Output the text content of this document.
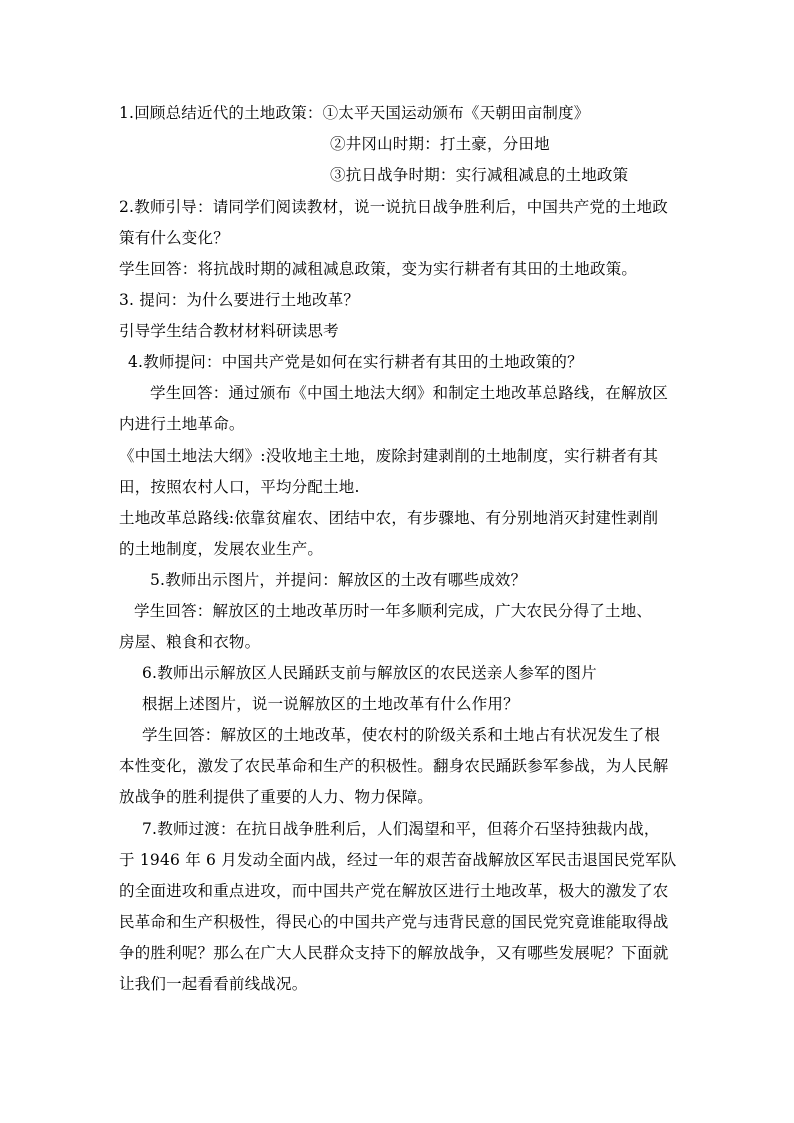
1.回顾总结近代的土地政策：①太平天国运动颁布《天朝田亩制度》
②井冈山时期：打土豪，分田地
③抗日战争时期：实行减租减息的土地政策
2.教师引导：请同学们阅读教材，说一说抗日战争胜利后，中国共产党的土地政
策有什么变化？
学生回答：将抗战时期的减租减息政策，变为实行耕者有其田的土地政策。
3. 提问：为什么要进行土地改革？
引导学生结合教材材料研读思考
4.教师提问：中国共产党是如何在实行耕者有其田的土地政策的？
学生回答：通过颁布《中国土地法大纲》和制定土地改革总路线，在解放区
内进行土地革命。
《中国土地法大纲》:没收地主土地，废除封建剥削的土地制度，实行耕者有其
田，按照农村人口，平均分配土地.
土地改革总路线:依靠贫雇农、团结中农，有步骤地、有分别地消灭封建性剥削
的土地制度，发展农业生产。
5.教师出示图片，并提问：解放区的土改有哪些成效？
学生回答：解放区的土地改革历时一年多顺利完成，广大农民分得了土地、
房屋、粮食和衣物。
6.教师出示解放区人民踊跃支前与解放区的农民送亲人参军的图片
根据上述图片，说一说解放区的土地改革有什么作用？
学生回答：解放区的土地改革，使农村的阶级关系和土地占有状况发生了根
本性变化，激发了农民革命和生产的积极性。翻身农民踊跃参军参战，为人民解
放战争的胜利提供了重要的人力、物力保障。
7.教师过渡：在抗日战争胜利后，人们渴望和平，但蒋介石坚持独裁内战，
于 1946 年 6 月发动全面内战，经过一年的艰苦奋战解放区军民击退国民党军队
的全面进攻和重点进攻，而中国共产党在解放区进行土地改革，极大的激发了农
民革命和生产积极性，得民心的中国共产党与违背民意的国民党究竟谁能取得战
争的胜利呢？那么在广大人民群众支持下的解放战争，又有哪些发展呢？下面就
让我们一起看看前线战况。
